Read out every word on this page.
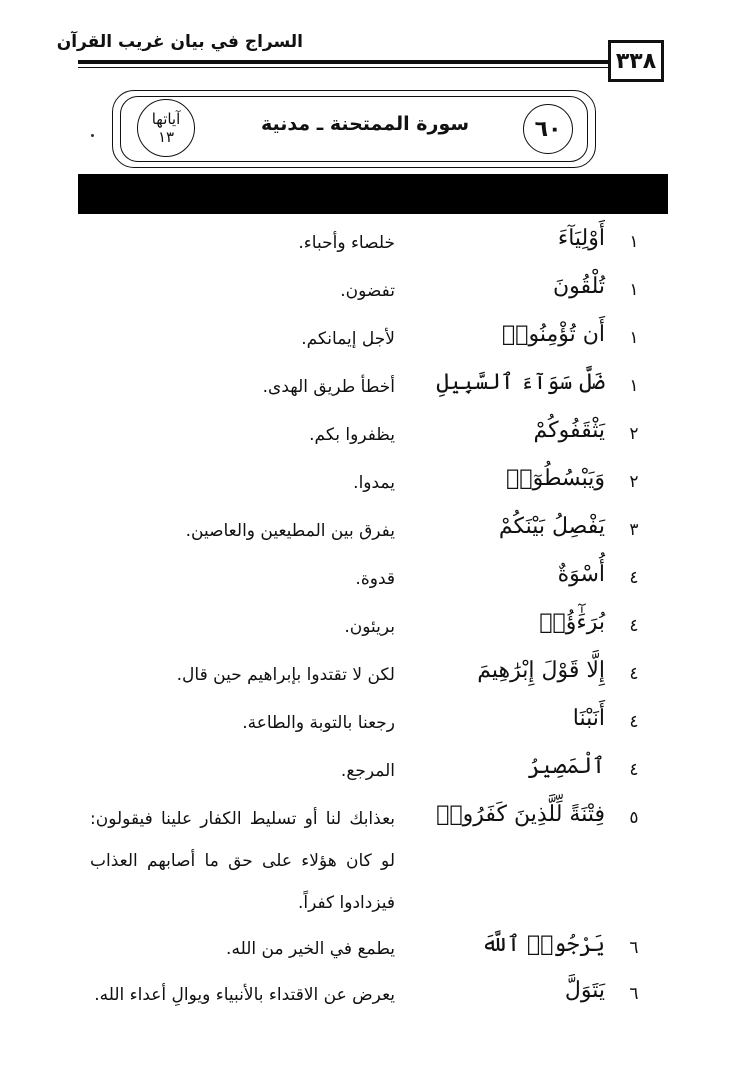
السراج في بيان غريب القرآن
٣٣٨
٦٠
سورة الممتحنة ـ مدنية
آياتها
١٣
١
أَوْلِيَآءَ
خلصاء وأحباء.
١
تُلْقُونَ
تفضون.
١
أَن تُؤْمِنُوا۟
لأجل إيمانكم.
١
ضَلَّ سَوَآءَ ٱلسَّبِيلِ
أخطأ طريق الهدى.
٢
يَثْقَفُوكُمْ
يظفروا بكم.
٢
وَيَبْسُطُوٓا۟
يمدوا.
٣
يَفْصِلُ بَيْنَكُمْ
يفرق بين المطيعين والعاصين.
٤
أُسْوَةٌ
قدوة.
٤
بُرَءَٰٓؤُا۟
بريئون.
٤
إِلَّا قَوْلَ إِبْرَٰهِيمَ
لكن لا تقتدوا بإبراهيم حين قال.
٤
أَنَبْنَا
رجعنا بالتوبة والطاعة.
٤
ٱلْمَصِيرُ
المرجع.
٥
فِتْنَةً لِّلَّذِينَ كَفَرُوا۟
بعذابك لنا أو تسليط الكفار علينا فيقولون: لو كان هؤلاء على حق ما أصابهم العذاب فيزدادوا كفراً.
٦
يَرْجُوا۟ ٱللَّهَ
يطمع في الخير من الله.
٦
يَتَوَلَّ
يعرض عن الاقتداء بالأنبياء ويوالِ أعداء الله.
